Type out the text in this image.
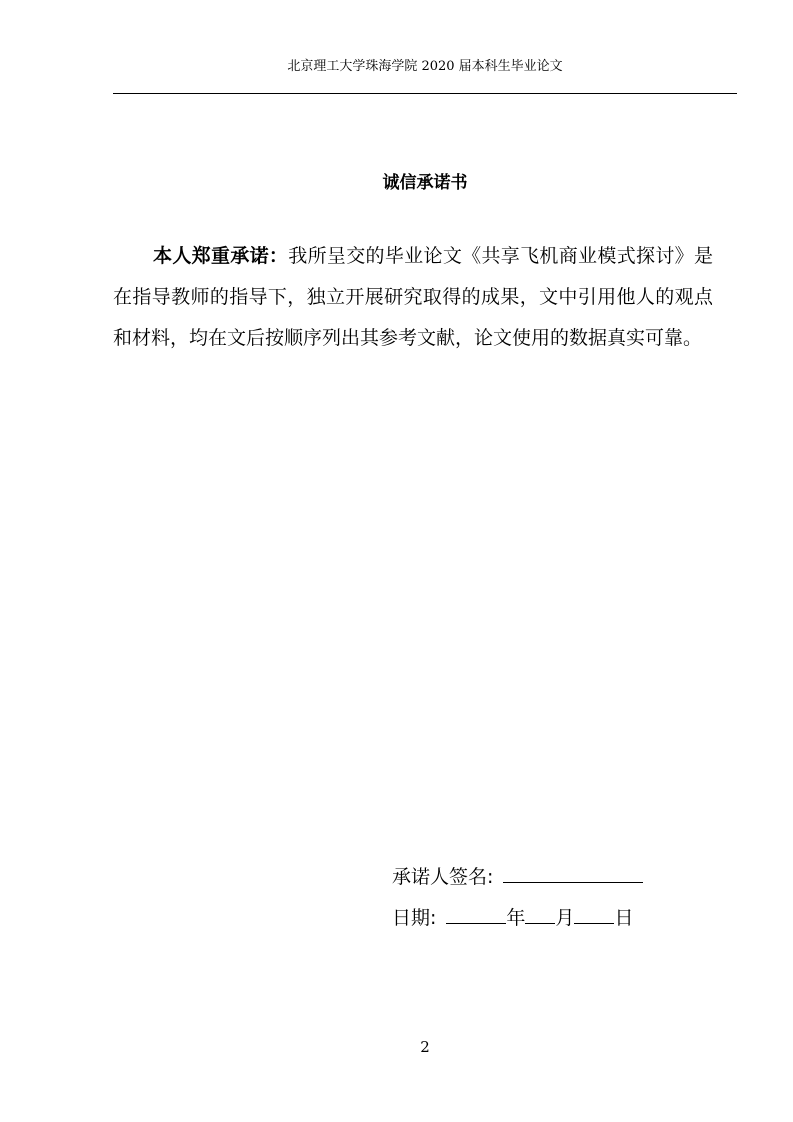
北京理工大学珠海学院 2020 届本科生毕业论文
诚信承诺书

本人郑重承诺：我所呈交的毕业论文《共享飞机商业模式探讨》是在指导教师的指导下，独立开展研究取得的成果，文中引用他人的观点和材料，均在文后按顺序列出其参考文献，论文使用的数据真实可靠。

承诺人签名:
日期:	年 月 日
2
